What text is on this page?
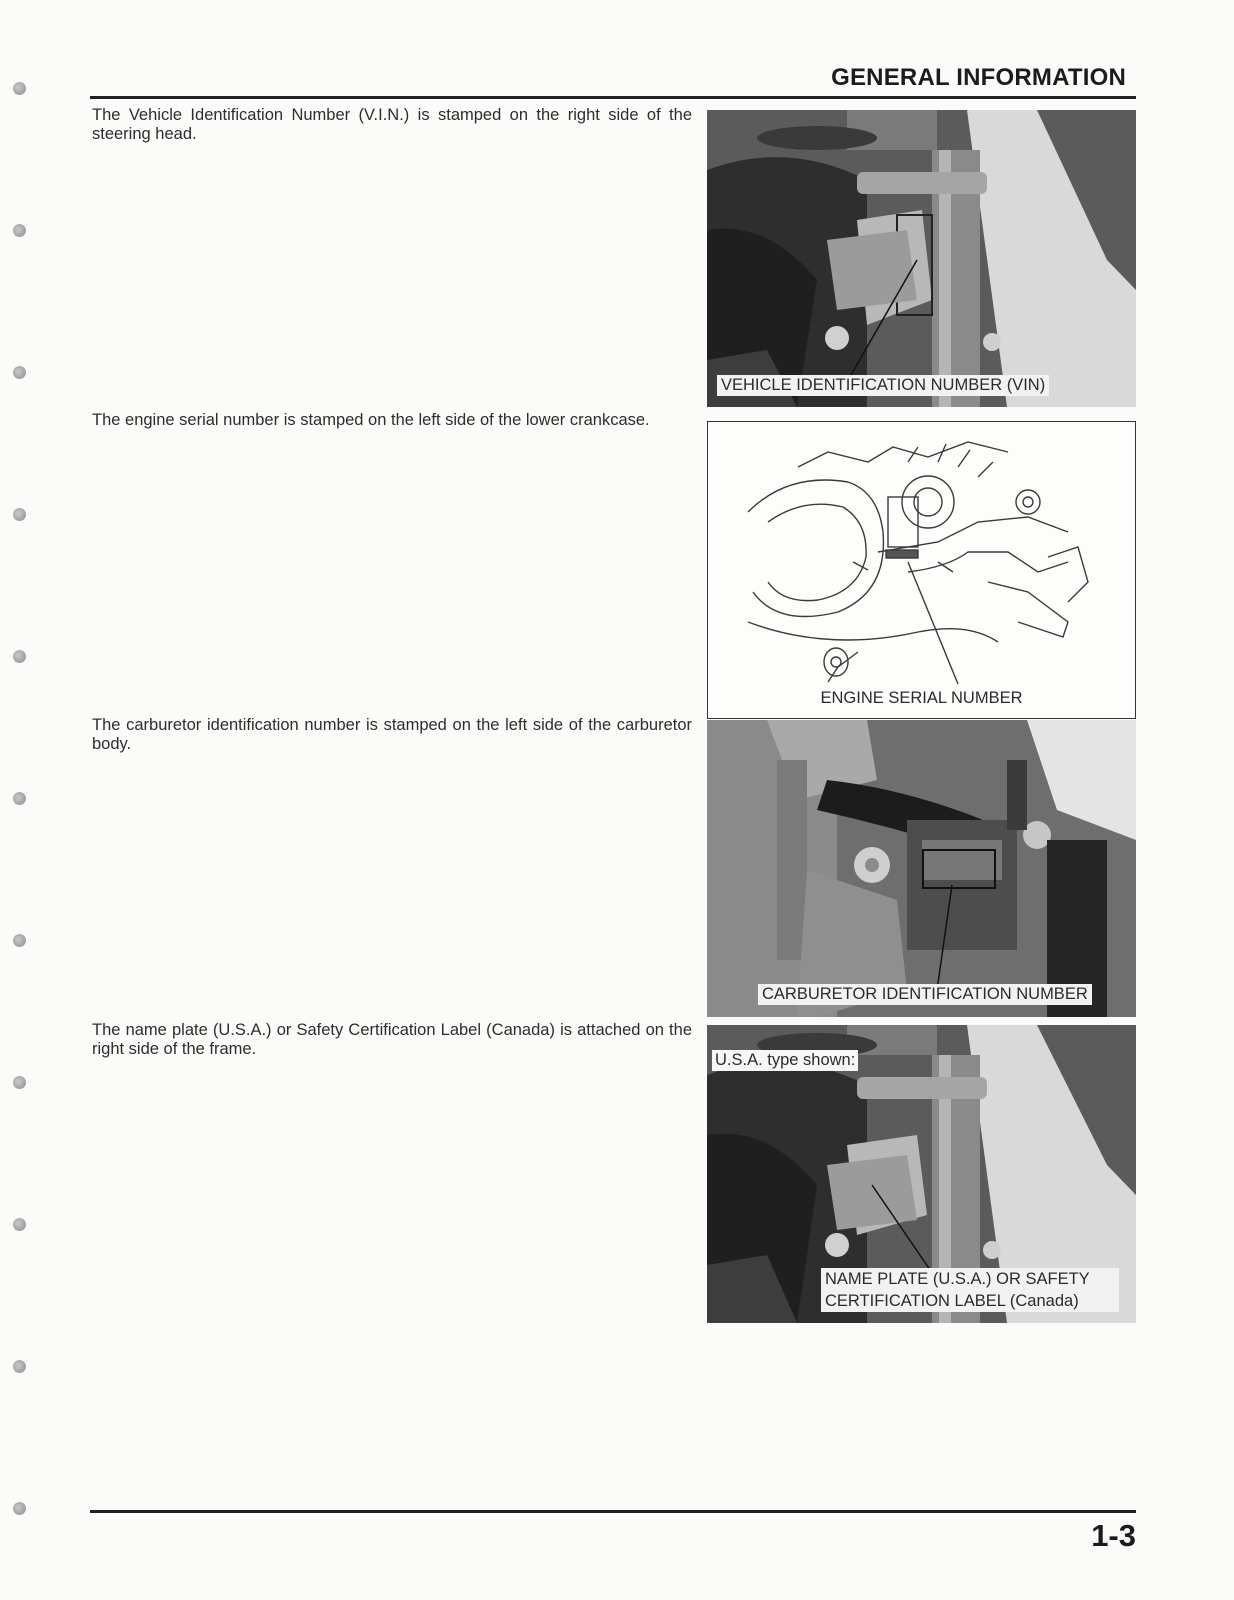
GENERAL INFORMATION
The Vehicle Identification Number (V.I.N.) is stamped on the right side of the steering head.
VEHICLE IDENTIFICATION NUMBER (VIN)
The engine serial number is stamped on the left side of the lower crankcase.
ENGINE SERIAL NUMBER
The carburetor identification number is stamped on the left side of the carburetor body.
CARBURETOR IDENTIFICATION NUMBER
The name plate (U.S.A.) or Safety Certification Label (Canada) is attached on the right side of the frame.
U.S.A. type shown:
NAME PLATE (U.S.A.) OR SAFETY
CERTIFICATION LABEL (Canada)
1-3
